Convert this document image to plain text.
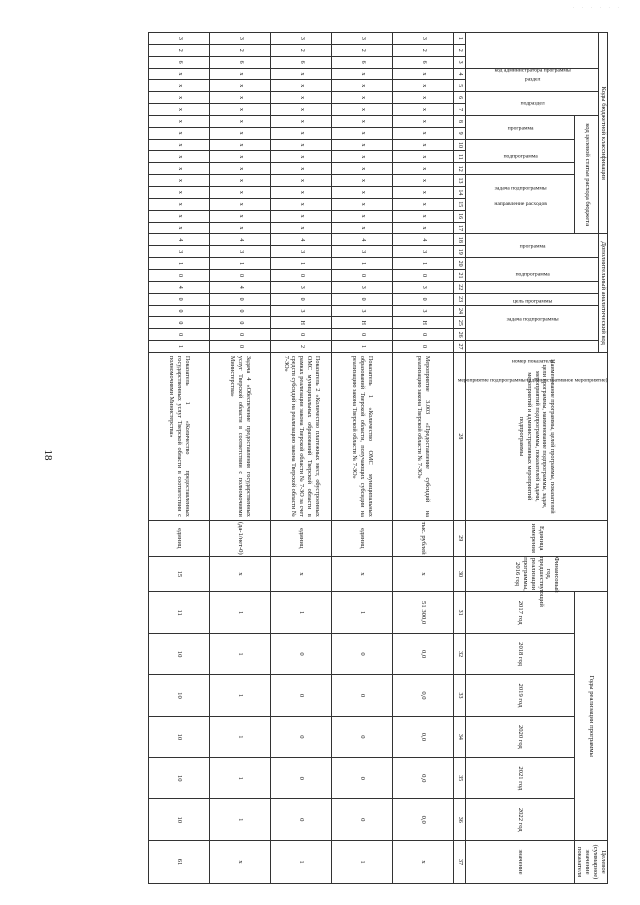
· · · · · ·
18
Коды бюджетной классификации																	Дополнительный аналитический код										Наименование программы, целей программы, показателей цели программы, наименование подпрограммы, задач, мероприятий подпрограммы, показателей задачи, мероприятий и административных мероприятий подпрограммы	Единица измерения	Финансовый год, предшествующий реализации программы, 2016 год	Годы реализации программы						Целевое (суммарное) значение показателя
код администратора программы			раздел		подраздел		код целевой статьи расхода бюджета										программа		подпрограмма		цель программы	задача подпрограммы	мероприятие подпрограммы (административное мероприятие)			номер показателя										
							программа		подпрограмма		задача подпрограммы	направление расходов																		2017 год	2018 год	2019 год	2020 год	2021 год	2022 год	значение
1	2	3	4	5	6	7	8	9	10	11	12	13	14	15	16	17	18	19	20	21	22	23	24	25	26	27	28	29	30	31	32	33	34	35	36	37
3	2	6	х	х	х	х	х	х	х	х	х	х	х	х	х	х	4	3	1	0	3	0	3	Н	0	0	Мероприятие 3.003 «Предоставление субсидий на реализацию закона Тверской области № 7-ЗО»	тыс. рублей	х	51 300,0	0,0	0,0	0,0	0,0	0,0	х
3	2	6	х	х	х	х	х	х	х	х	х	х	х	х	х	х	4	3	1	0	3	0	3	Н	0	1	Показатель 1 «Количество ОМС муниципальных образований Тверской области, получающих субсидии на реализацию закона Тверской области № 7-ЗО»	единиц	х	1	0	0	0	0	0	1
3	2	6	х	х	х	х	х	х	х	х	х	х	х	х	х	х	4	3	1	0	3	0	3	Н	0	2	Показатель 2 «Количество платежных мест, обустроенных ОМС муниципальных образований Тверской области в рамках реализации закона Тверской области № 7-ЗО за счет средств субсидий на реализацию закона Тверской области № 7-ЗО»	единиц	х	1	0	0	0	0	0	1
3	2	6	х	х	х	х	х	х	х	х	х	х	х	х	х	х	4	3	1	0	4	0	0	0	0	0	Задача 4 «Обеспечение предоставления государственных услуг Тверской области в соответствии с полномочиями Министерства»	(да-1/нет-0)	х	1	1	1	1	1	1	х
3	2	6	х	х	х	х	х	х	х	х	х	х	х	х	х	х	4	3	1	0	4	0	0	0	0	1	Показатель 1 «Количество предоставленных государственных услуг Тверской области в соответствии с полномочиями Министерства»	единиц	15	11	10	10	10	10	10	61
